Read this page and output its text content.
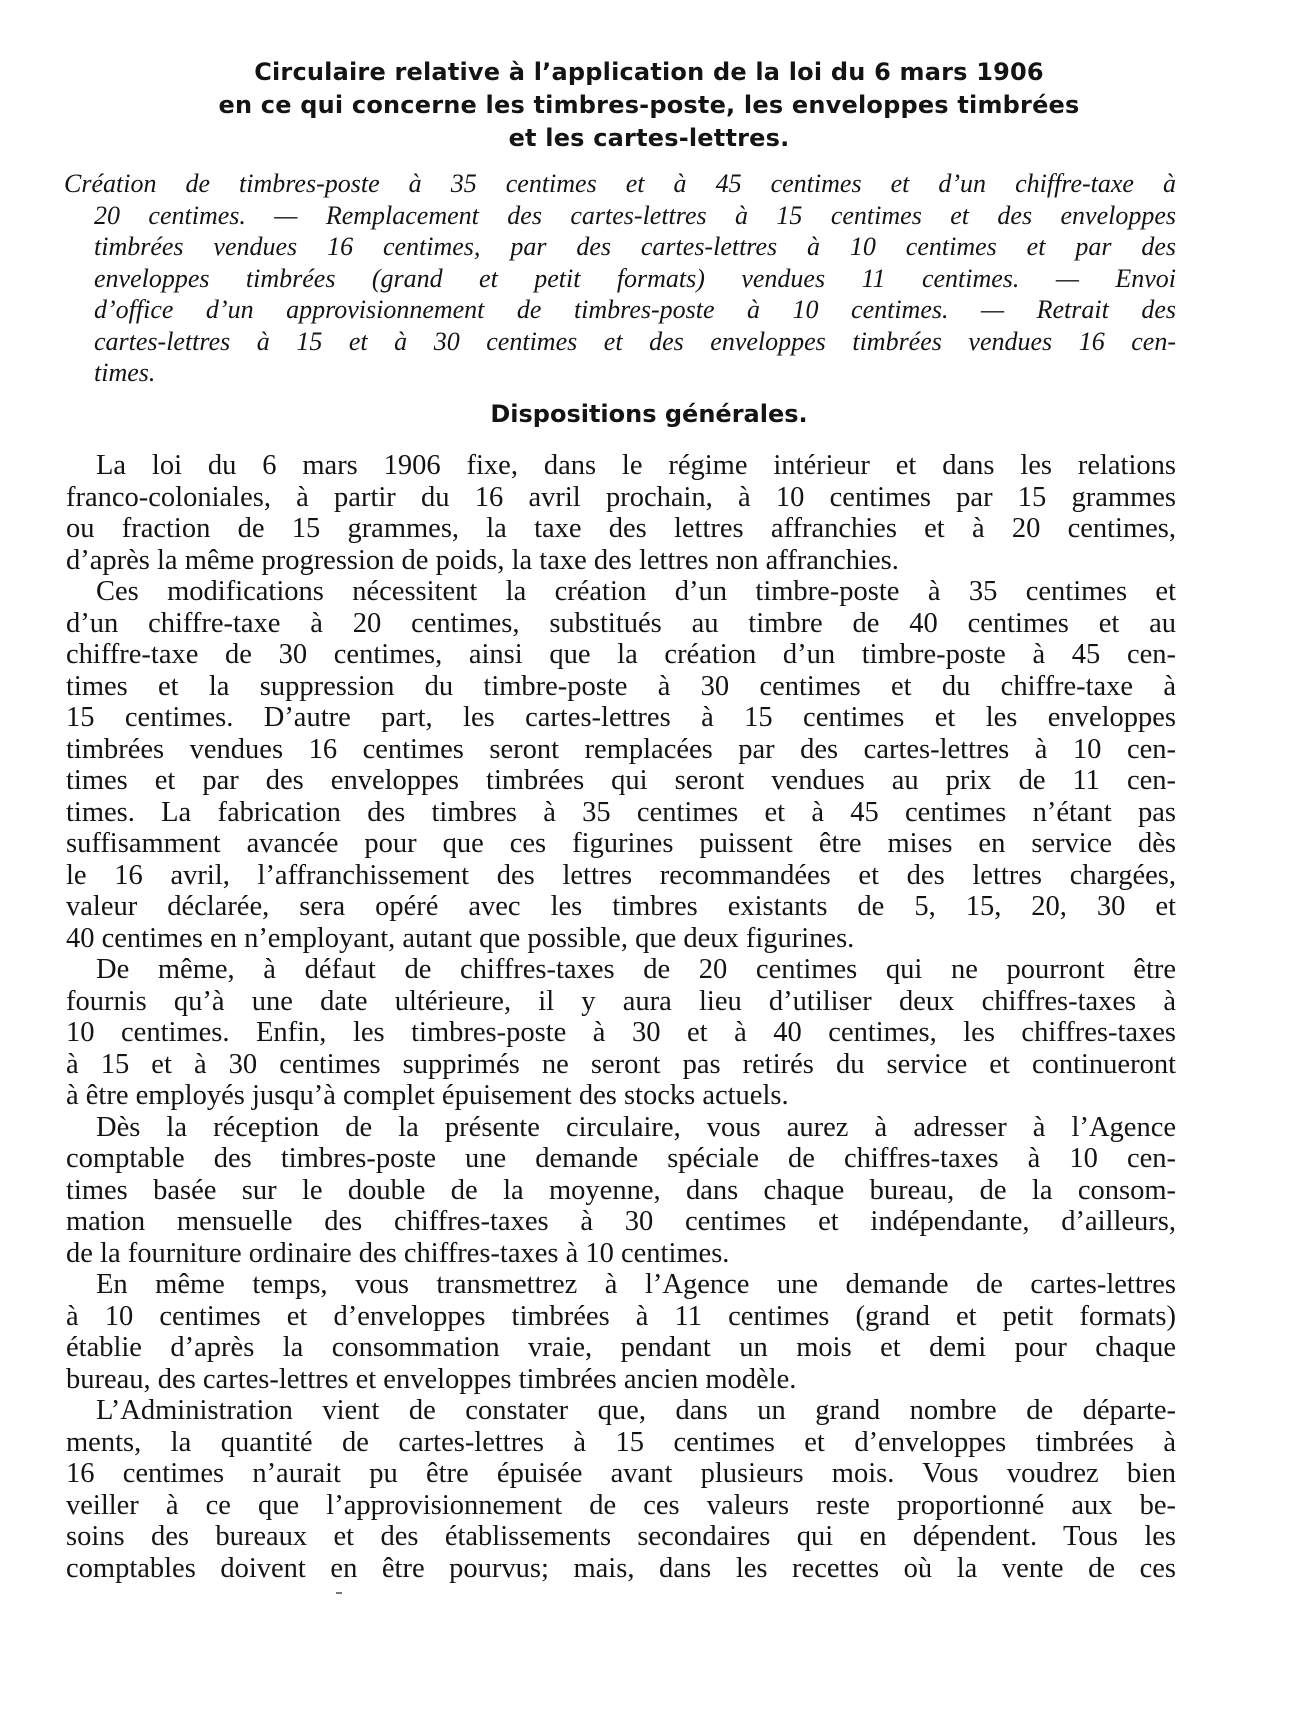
Circulaire relative à l’application de la loi du 6 mars 1906
en ce qui concerne les timbres-poste, les enveloppes timbrées
et les cartes-lettres.
Création de timbres-poste à 35 centimes et à 45 centimes et d’un chiffre-taxe à
20 centimes. — Remplacement des cartes-lettres à 15 centimes et des enveloppes
timbrées vendues 16 centimes, par des cartes-lettres à 10 centimes et par des
enveloppes timbrées (grand et petit formats) vendues 11 centimes. — Envoi
d’office d’un approvisionnement de timbres-poste à 10 centimes. — Retrait des
cartes-lettres à 15 et à 30 centimes et des enveloppes timbrées vendues 16 cen-
times.
Dispositions générales.
La loi du 6 mars 1906 fixe, dans le régime intérieur et dans les relations
franco-coloniales, à partir du 16 avril prochain, à 10 centimes par 15 grammes
ou fraction de 15 grammes, la taxe des lettres affranchies et à 20 centimes,
d’après la même progression de poids, la taxe des lettres non affranchies.
Ces modifications nécessitent la création d’un timbre-poste à 35 centimes et
d’un chiffre-taxe à 20 centimes, substitués au timbre de 40 centimes et au
chiffre-taxe de 30 centimes, ainsi que la création d’un timbre-poste à 45 cen-
times et la suppression du timbre-poste à 30 centimes et du chiffre-taxe à
15 centimes. D’autre part, les cartes-lettres à 15 centimes et les enveloppes
timbrées vendues 16 centimes seront remplacées par des cartes-lettres à 10 cen-
times et par des enveloppes timbrées qui seront vendues au prix de 11 cen-
times. La fabrication des timbres à 35 centimes et à 45 centimes n’étant pas
suffisamment avancée pour que ces figurines puissent être mises en service dès
le 16 avril, l’affranchissement des lettres recommandées et des lettres chargées,
valeur déclarée, sera opéré avec les timbres existants de 5, 15, 20, 30 et
40 centimes en n’employant, autant que possible, que deux figurines.
De même, à défaut de chiffres-taxes de 20 centimes qui ne pourront être
fournis qu’à une date ultérieure, il y aura lieu d’utiliser deux chiffres-taxes à
10 centimes. Enfin, les timbres-poste à 30 et à 40 centimes, les chiffres-taxes
à 15 et à 30 centimes supprimés ne seront pas retirés du service et continueront
à être employés jusqu’à complet épuisement des stocks actuels.
Dès la réception de la présente circulaire, vous aurez à adresser à l’Agence
comptable des timbres-poste une demande spéciale de chiffres-taxes à 10 cen-
times basée sur le double de la moyenne, dans chaque bureau, de la consom-
mation mensuelle des chiffres-taxes à 30 centimes et indépendante, d’ailleurs,
de la fourniture ordinaire des chiffres-taxes à 10 centimes.
En même temps, vous transmettrez à l’Agence une demande de cartes-lettres
à 10 centimes et d’enveloppes timbrées à 11 centimes (grand et petit formats)
établie d’après la consommation vraie, pendant un mois et demi pour chaque
bureau, des cartes-lettres et enveloppes timbrées ancien modèle.
L’Administration vient de constater que, dans un grand nombre de départe-
ments, la quantité de cartes-lettres à 15 centimes et d’enveloppes timbrées à
16 centimes n’aurait pu être épuisée avant plusieurs mois. Vous voudrez bien
veiller à ce que l’approvisionnement de ces valeurs reste proportionné aux be-
soins des bureaux et des établissements secondaires qui en dépendent. Tous les
comptables doivent en être pourvus; mais, dans les recettes où la vente de ces
